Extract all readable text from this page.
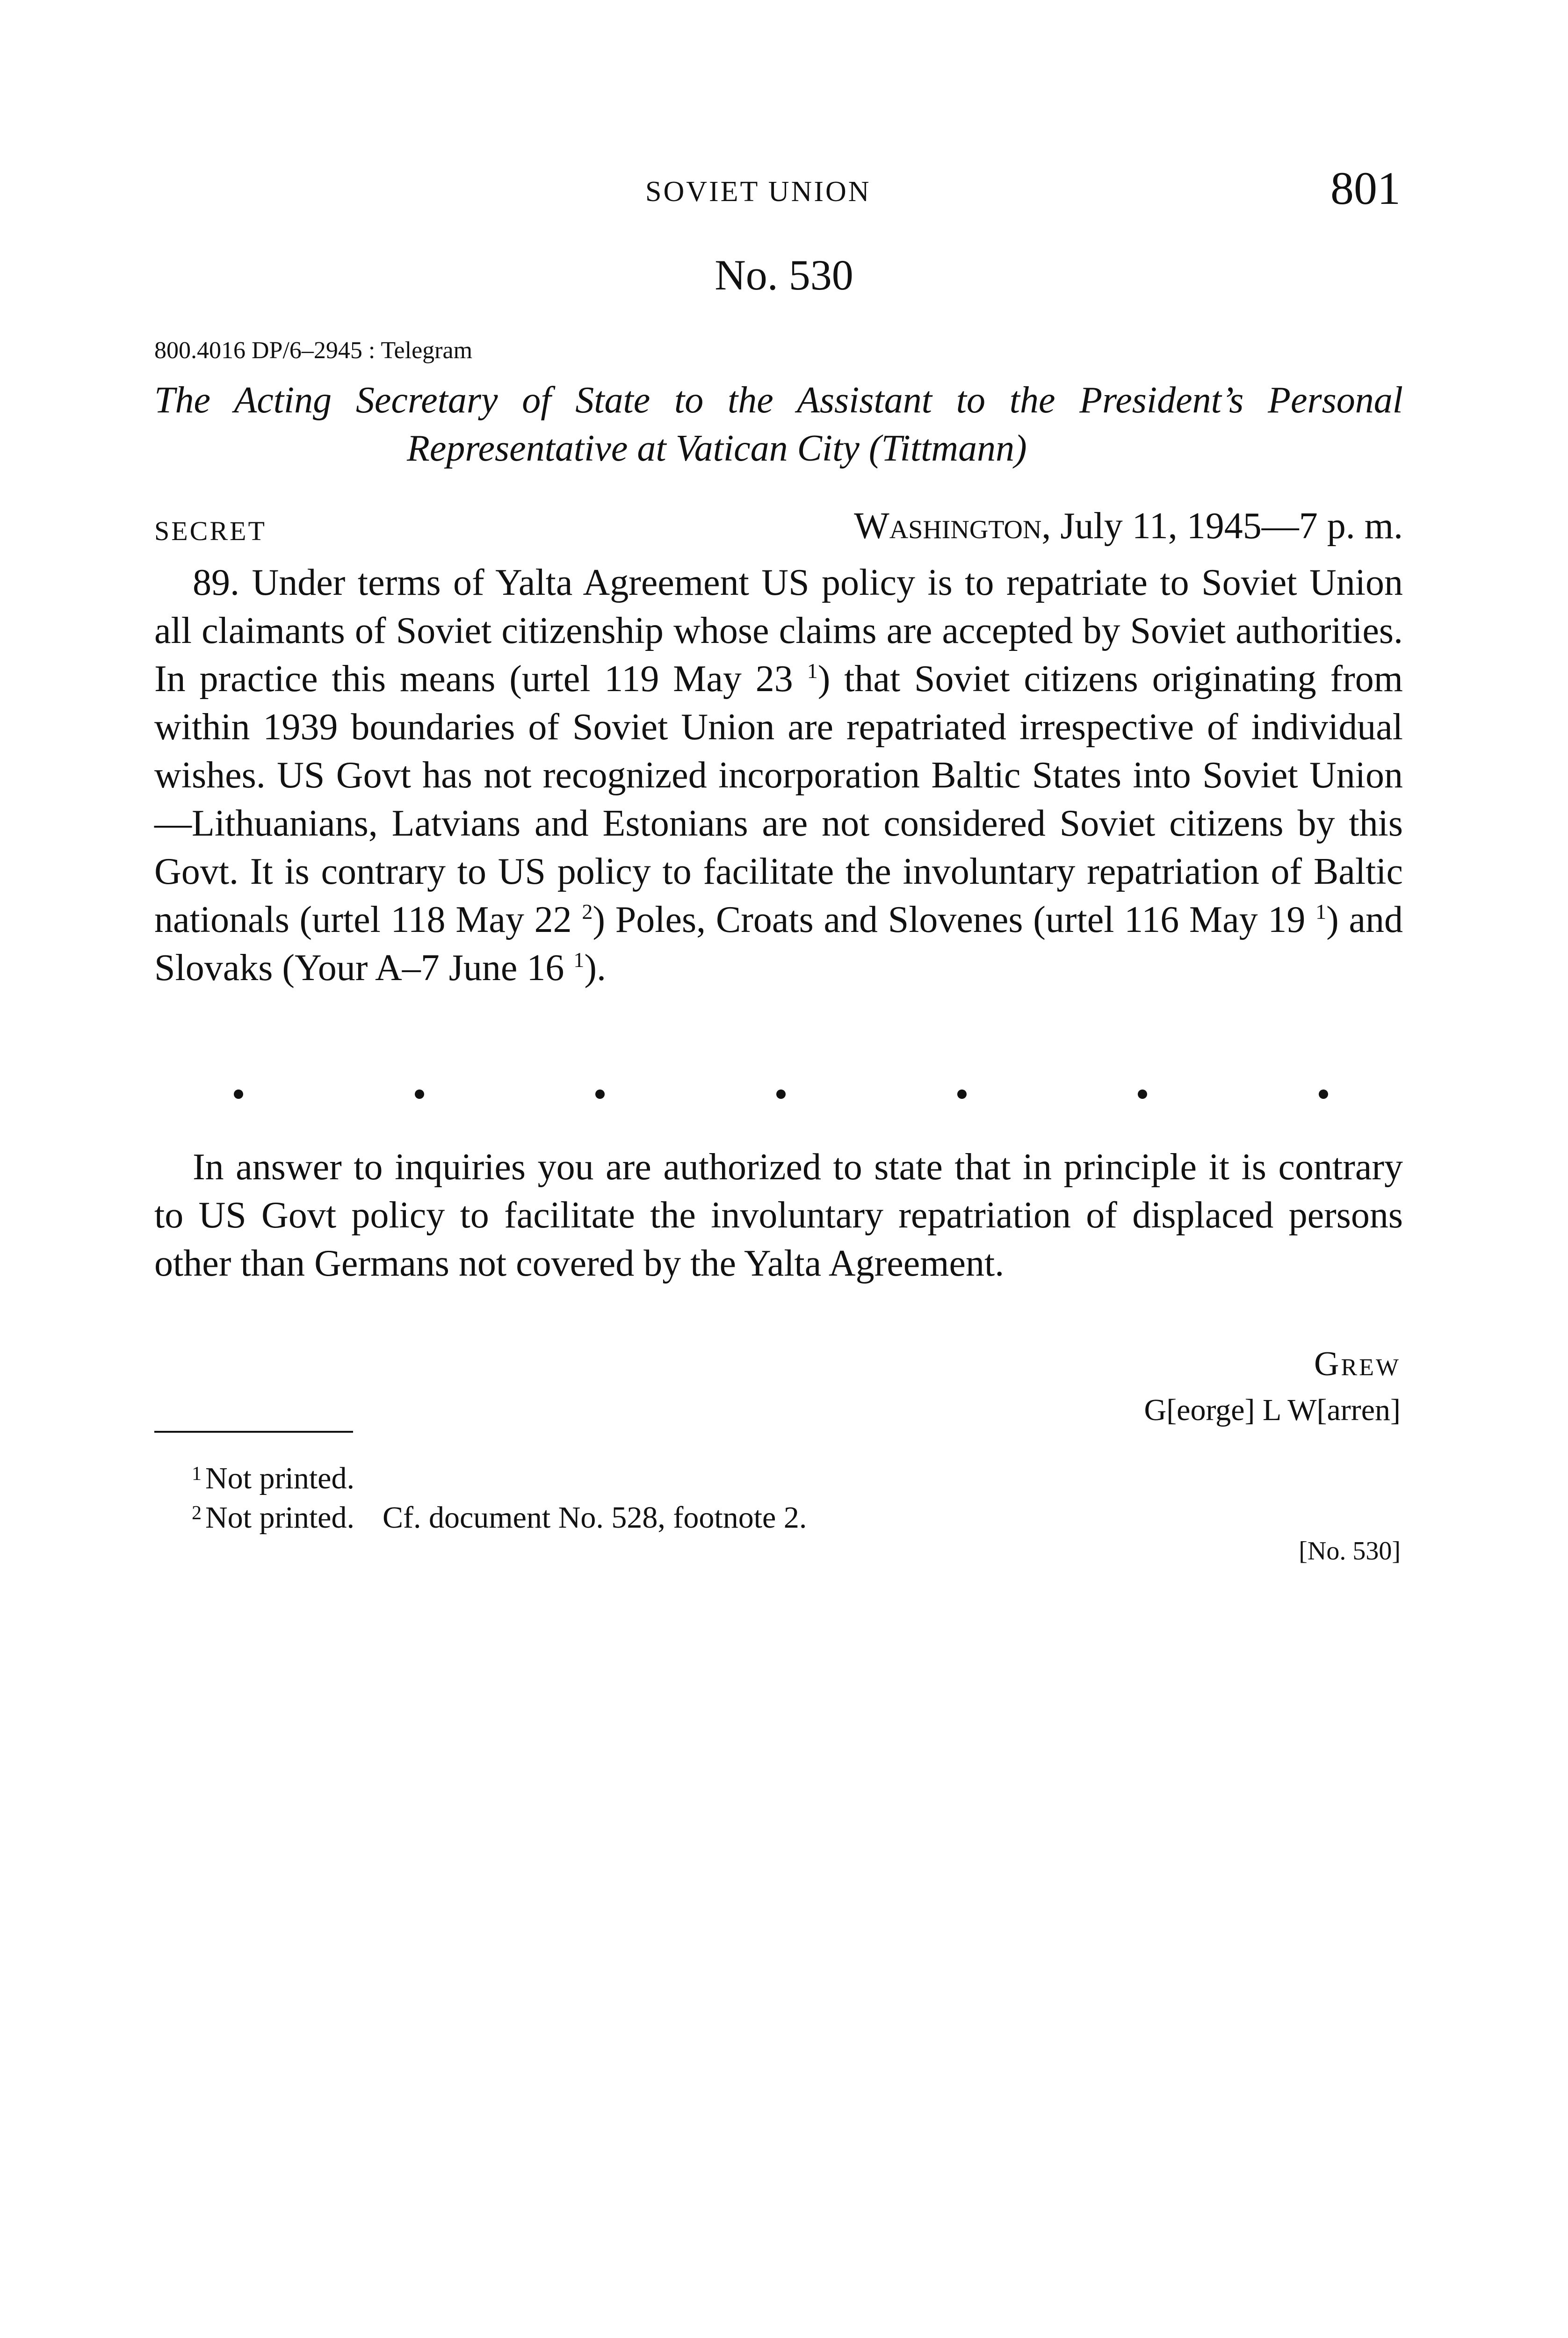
SOVIET UNION	801
No. 530
800.4016 DP/6–2945 : Telegram
The Acting Secretary of State to the Assistant to the President’s Personal
Representative at Vatican City (Tittmann)
SECRET	Washington, July 11, 1945—7 p. m.
89. Under terms of Yalta Agreement US policy is to repatriate to Soviet Union all claimants of Soviet citizenship whose claims are accepted by Soviet authorities. In practice this means (urtel 119 May 23 $^1$) that Soviet citizens originating from within 1939 boundaries of Soviet Union are repatriated irrespective of individual wishes. US Govt has not recognized incorporation Baltic States into Soviet Union—Lithuanians, Latvians and Estonians are not considered Soviet citizens by this Govt. It is contrary to US policy to facilitate the involuntary repatriation of Baltic nationals (urtel 118 May 22 $^2$) Poles, Croats and Slovenes (urtel 116 May 19 $^1$) and Slovaks (Your A–7 June 16 $^1$).
In answer to inquiries you are authorized to state that in principle it is contrary to US Govt policy to facilitate the involuntary repatriation of displaced persons other than Germans not covered by the Yalta Agreement.
Grew
G[eorge] L W[arren]
$^1$ Not printed.
$^2$ Not printed. Cf. document No. 528, footnote 2.
[No. 530]
